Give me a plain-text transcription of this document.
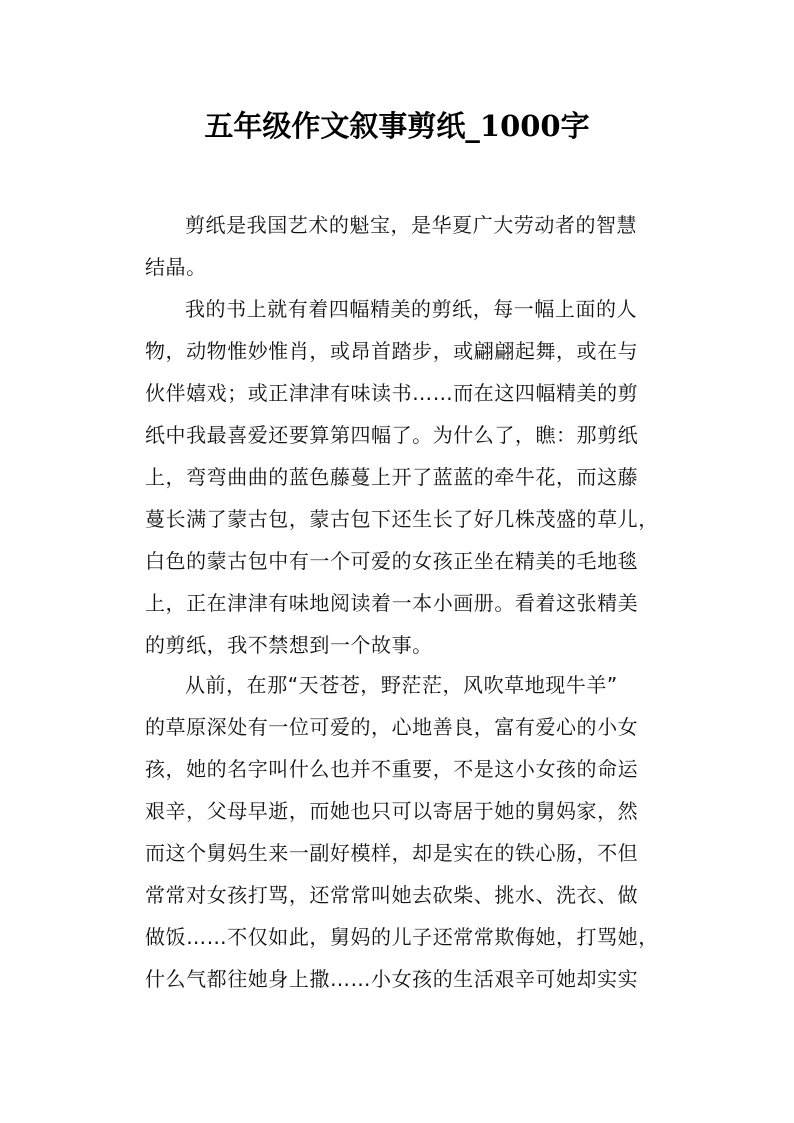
五年级作文叙事剪纸_1000字
剪纸是我国艺术的魁宝，是华夏广大劳动者的智慧
结晶。
我的书上就有着四幅精美的剪纸，每一幅上面的人
物，动物惟妙惟肖，或昂首踏步，或翩翩起舞，或在与
伙伴嬉戏；或正津津有味读书……而在这四幅精美的剪
纸中我最喜爱还要算第四幅了。为什么了，瞧：那剪纸
上，弯弯曲曲的蓝色藤蔓上开了蓝蓝的牵牛花，而这藤
蔓长满了蒙古包，蒙古包下还生长了好几株茂盛的草儿，
白色的蒙古包中有一个可爱的女孩正坐在精美的毛地毯
上，正在津津有味地阅读着一本小画册。看着这张精美
的剪纸，我不禁想到一个故事。
从前，在那“天苍苍，野茫茫，风吹草地现牛羊”
的草原深处有一位可爱的，心地善良，富有爱心的小女
孩，她的名字叫什么也并不重要，不是这小女孩的命运
艰辛，父母早逝，而她也只可以寄居于她的舅妈家，然
而这个舅妈生来一副好模样，却是实在的铁心肠，不但
常常对女孩打骂，还常常叫她去砍柴、挑水、洗衣、做
做饭……不仅如此，舅妈的儿子还常常欺侮她，打骂她，
什么气都往她身上撒……小女孩的生活艰辛可她却实实
